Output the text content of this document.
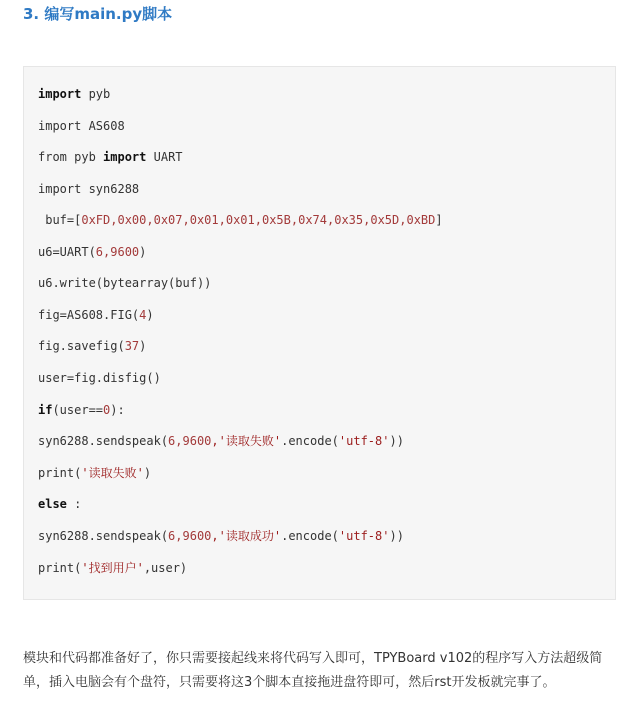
3. 编写main.py脚本
import pyb
import AS608
from pyb import UART
import syn6288
buf=[0xFD,0x00,0x07,0x01,0x01,0x5B,0x74,0x35,0x5D,0xBD]
u6=UART(6,9600)
u6.write(bytearray(buf))
fig=AS608.FIG(4)
fig.savefig(37)
user=fig.disfig()
if(user==0):
syn6288.sendspeak(6,9600,'读取失败'.encode('utf-8'))
print('读取失败')
else :
syn6288.sendspeak(6,9600,'读取成功'.encode('utf-8'))
print('找到用户',user)
模块和代码都准备好了，你只需要接起线来将代码写入即可，TPYBoard v102的程序写入方法超级简单，插入电脑会有个盘符，只需要将这3个脚本直接拖进盘符即可，然后rst开发板就完事了。
